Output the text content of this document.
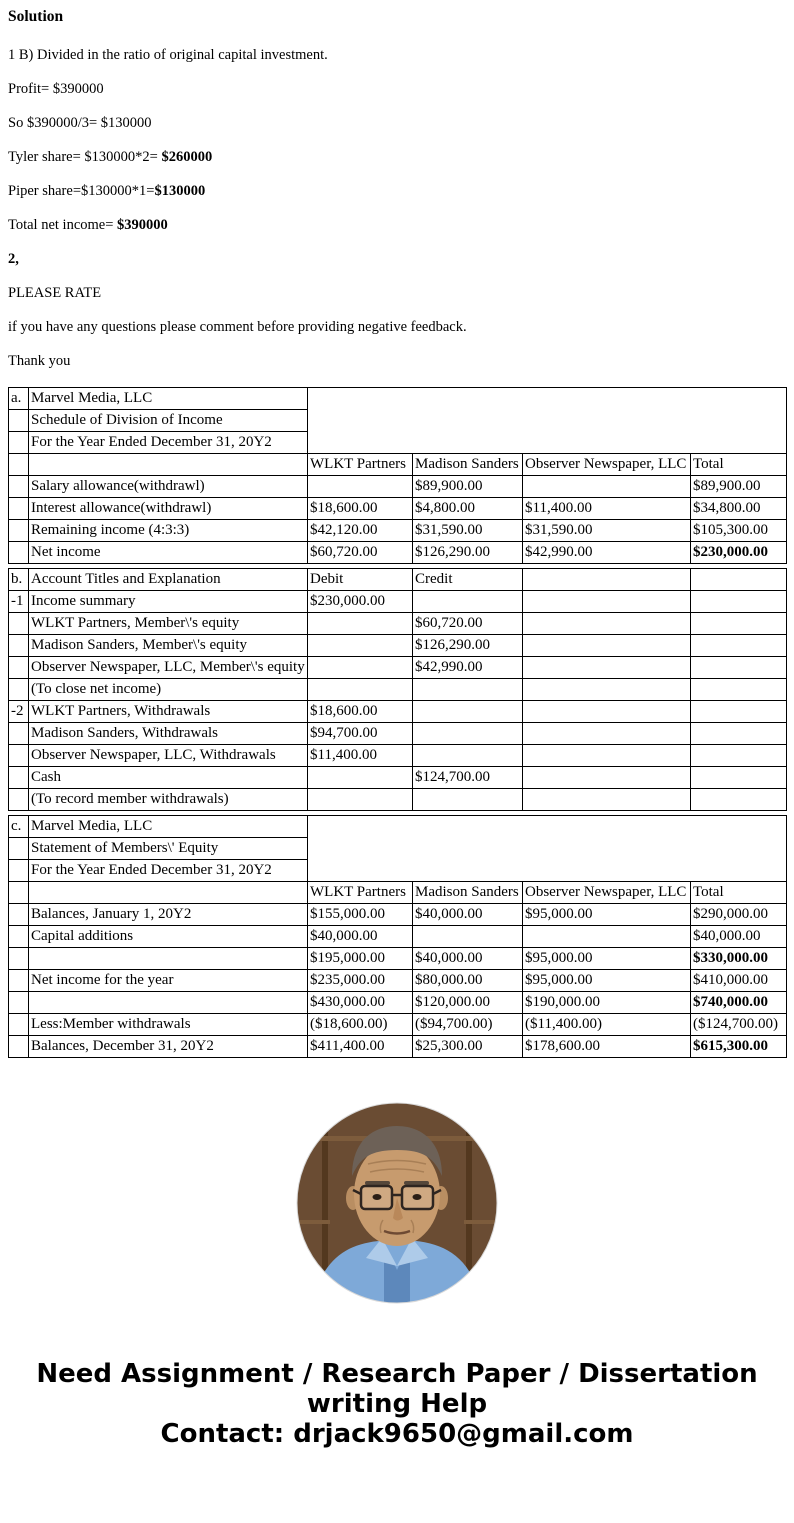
Solution

1 B) Divided in the ratio of original capital investment.

Profit= $390000

So $390000/3= $130000

Tyler share= $130000*2= $260000

Piper share=$130000*1=$130000

Total net income= $390000

2,

PLEASE RATE

if you have any questions please comment before providing negative feedback.

Thank you

a.	Marvel Media, LLC				
	Schedule of Division of Income				
	For the Year Ended December 31, 20Y2				
		WLKT Partners	Madison Sanders	Observer Newspaper, LLC	Total
	Salary allowance(withdrawl)		$89,900.00		$89,900.00
	Interest allowance(withdrawl)	$18,600.00	$4,800.00	$11,400.00	$34,800.00
	Remaining income (4:3:3)	$42,120.00	$31,590.00	$31,590.00	$105,300.00
	Net income	$60,720.00	$126,290.00	$42,990.00	$230,000.00
b.	Account Titles and Explanation	Debit	Credit		
-1	Income summary	$230,000.00			
	WLKT Partners, Member\'s equity		$60,720.00		
	Madison Sanders, Member\'s equity		$126,290.00		
	Observer Newspaper, LLC, Member\'s equity		$42,990.00		
	(To close net income)				
-2	WLKT Partners, Withdrawals	$18,600.00			
	Madison Sanders, Withdrawals	$94,700.00			
	Observer Newspaper, LLC, Withdrawals	$11,400.00			
	Cash		$124,700.00		
	(To record member withdrawals)				
c.	Marvel Media, LLC				
	Statement of Members\' Equity				
	For the Year Ended December 31, 20Y2				
		WLKT Partners	Madison Sanders	Observer Newspaper, LLC	Total
	Balances, January 1, 20Y2	$155,000.00	$40,000.00	$95,000.00	$290,000.00
	Capital additions	$40,000.00			$40,000.00
		$195,000.00	$40,000.00	$95,000.00	$330,000.00
	Net income for the year	$235,000.00	$80,000.00	$95,000.00	$410,000.00
		$430,000.00	$120,000.00	$190,000.00	$740,000.00
	Less:Member withdrawals	($18,600.00)	($94,700.00)	($11,400.00)	($124,700.00)
	Balances, December 31, 20Y2	$411,400.00	$25,300.00	$178,600.00	$615,300.00
Need Assignment / Research Paper / Dissertation writing Help
Contact: drjack9650@gmail.com
